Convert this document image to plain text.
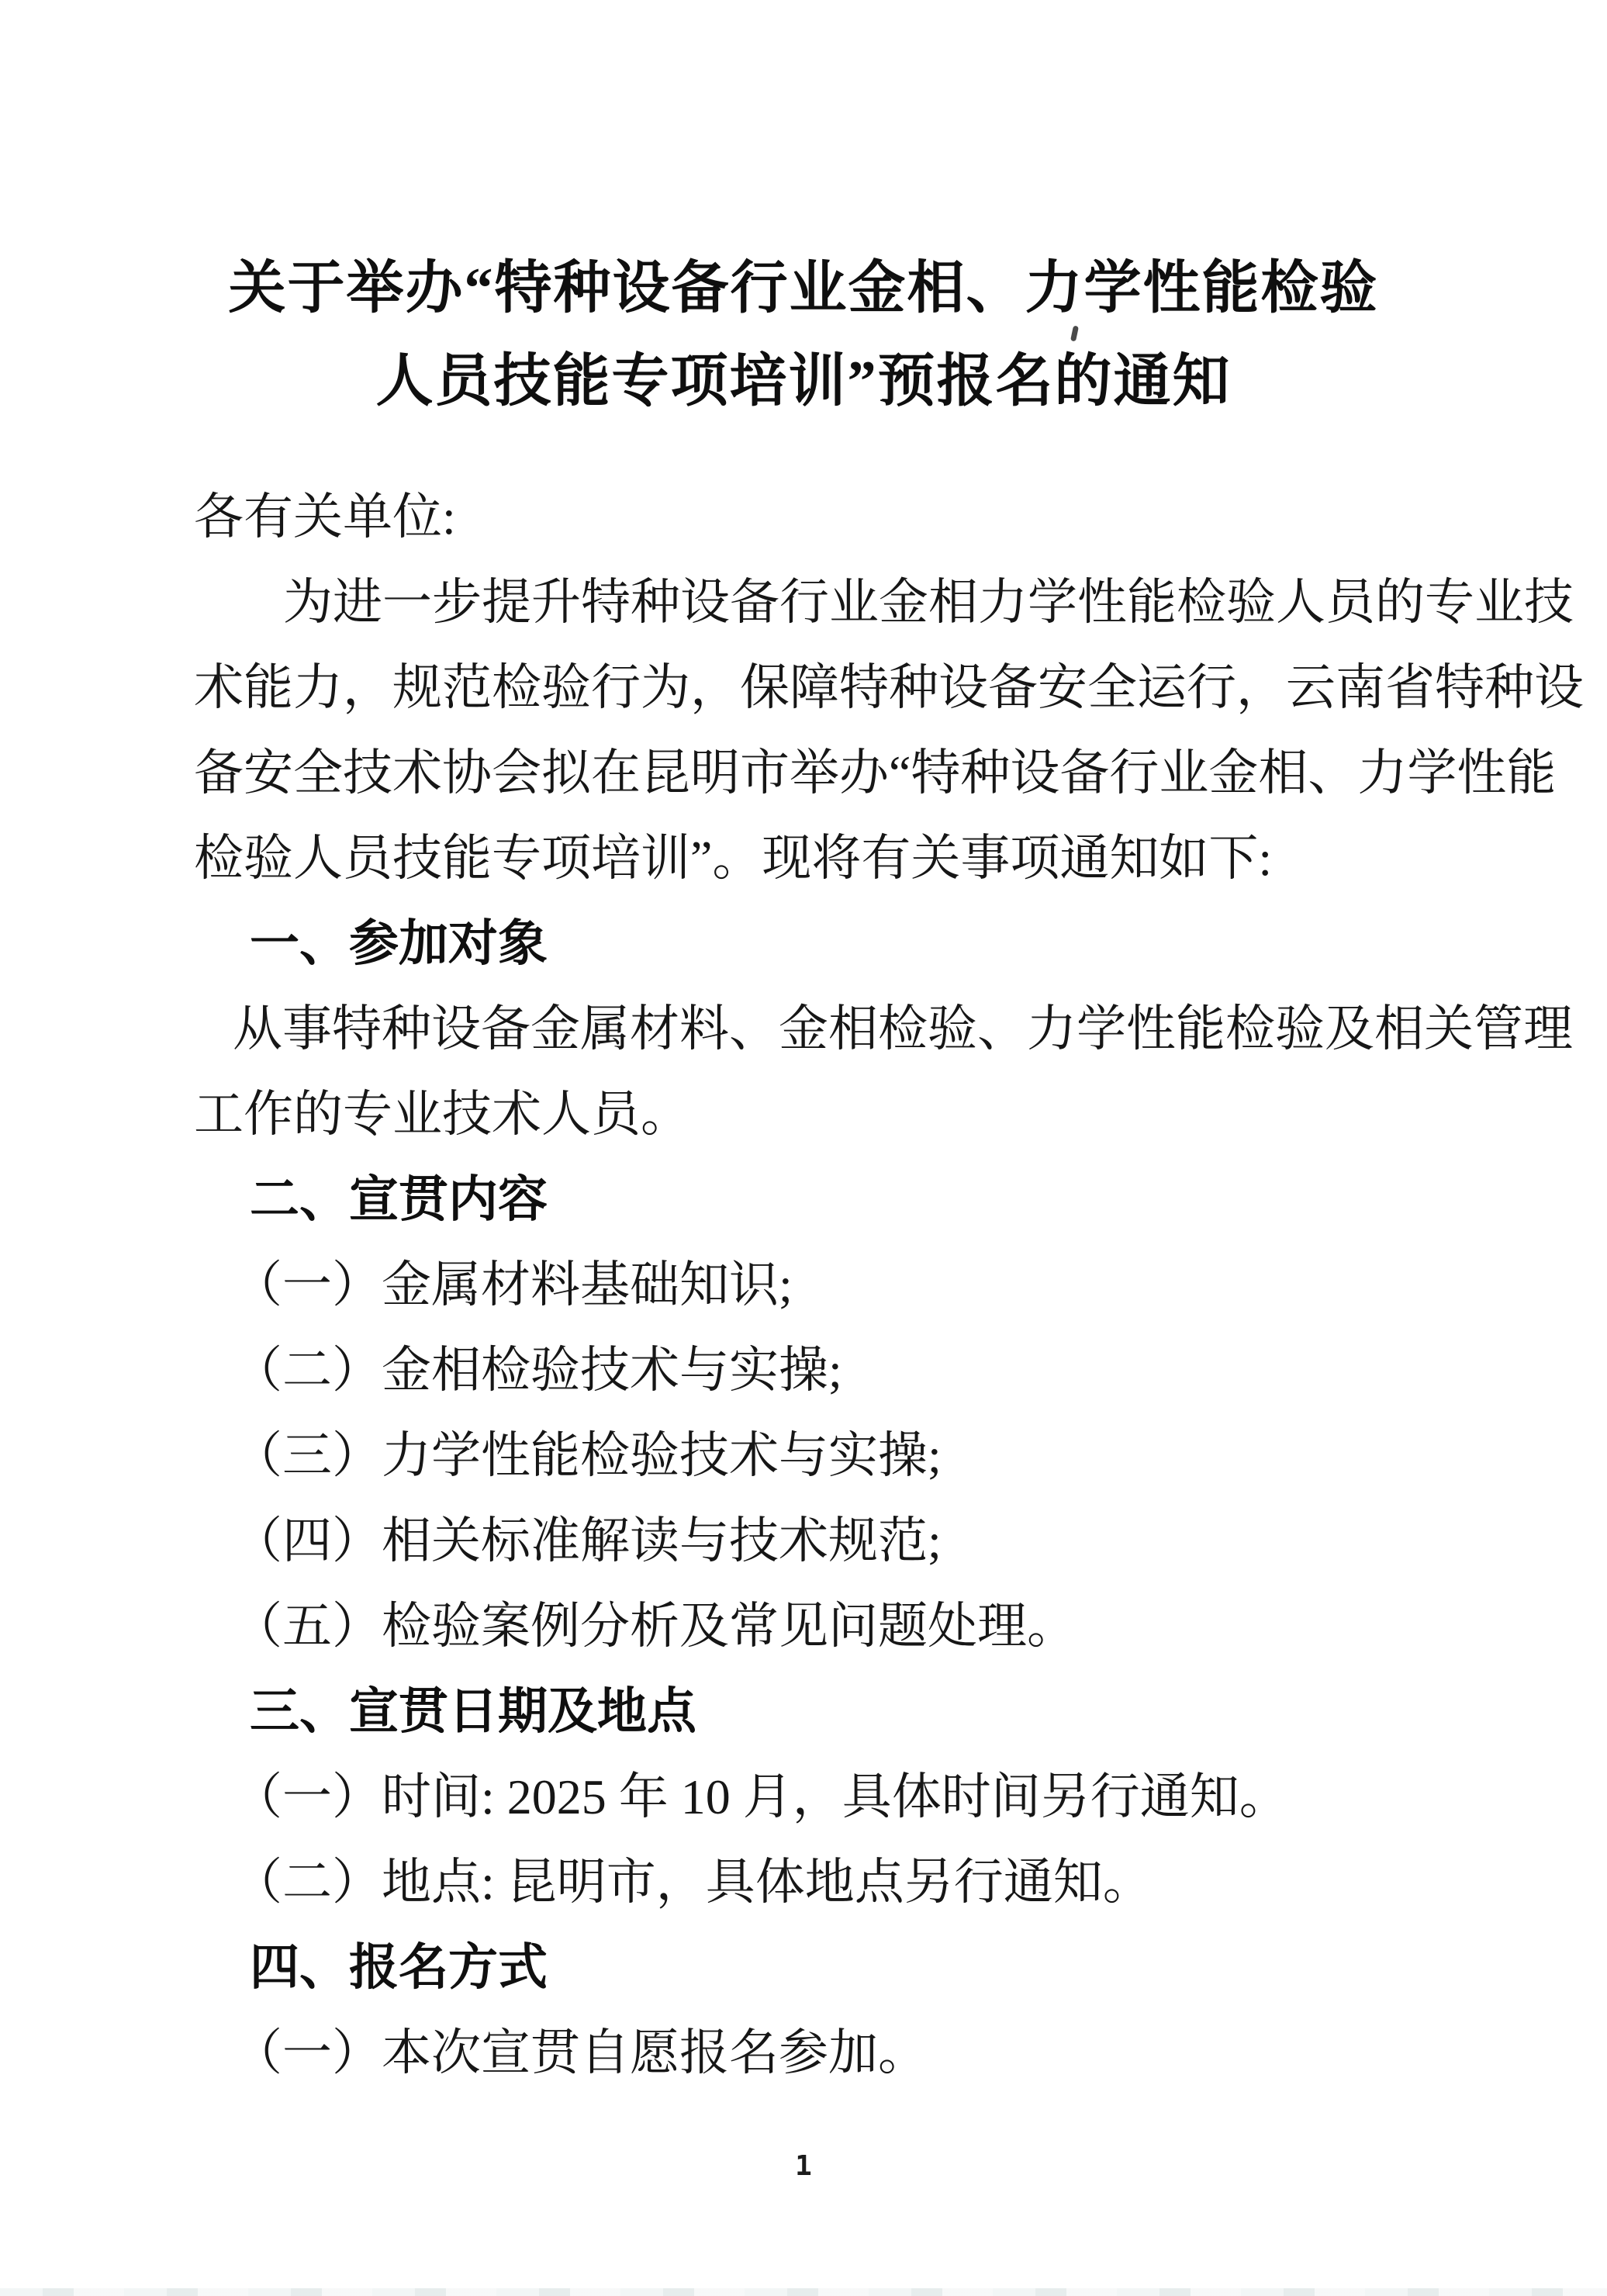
关于举办“特种设备行业金相、力学性能检验
人员技能专项培训”预报名的通知
各有关单位:
为进一步提升特种设备行业金相力学性能检验人员的专业技
术能力，规范检验行为，保障特种设备安全运行，云南省特种设
备安全技术协会拟在昆明市举办“特种设备行业金相、力学性能
检验人员技能专项培训”。现将有关事项通知如下:
一、参加对象
从事特种设备金属材料、金相检验、力学性能检验及相关管理
工作的专业技术人员。
二、宣贯内容
（一）金属材料基础知识;
（二）金相检验技术与实操;
（三）力学性能检验技术与实操;
（四）相关标准解读与技术规范;
（五）检验案例分析及常见问题处理。
三、宣贯日期及地点
（一）时间: 2025 年 10 月，具体时间另行通知。
（二）地点: 昆明市，具体地点另行通知。
四、报名方式
（一）本次宣贯自愿报名参加。
1
